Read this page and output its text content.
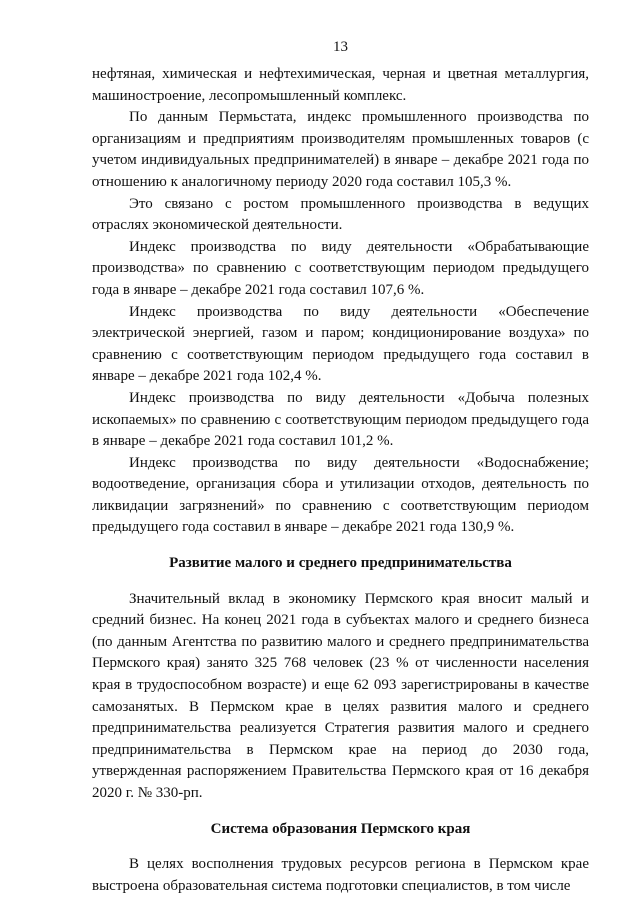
13

нефтяная, химическая и нефтехимическая, черная и цветная металлургия, машиностроение, лесопромышленный комплекс.

По данным Пермьстата, индекс промышленного производства по организациям и предприятиям производителям промышленных товаров (с учетом индивидуальных предпринимателей) в январе – декабре 2021 года по отношению к аналогичному периоду 2020 года составил 105,3 %.

Это связано с ростом промышленного производства в ведущих отраслях экономической деятельности.

Индекс производства по виду деятельности «Обрабатывающие производства» по сравнению с соответствующим периодом предыдущего года в январе – декабре 2021 года составил 107,6 %.

Индекс производства по виду деятельности «Обеспечение электрической энергией, газом и паром; кондиционирование воздуха» по сравнению с соответствующим периодом предыдущего года составил в январе – декабре 2021 года 102,4 %.

Индекс производства по виду деятельности «Добыча полезных ископаемых» по сравнению с соответствующим периодом предыдущего года в январе – декабре 2021 года составил 101,2 %.

Индекс производства по виду деятельности «Водоснабжение; водоотведение, организация сбора и утилизации отходов, деятельность по ликвидации загрязнений» по сравнению с соответствующим периодом предыдущего года составил в январе – декабре 2021 года 130,9 %.

Развитие малого и среднего предпринимательства

Значительный вклад в экономику Пермского края вносит малый и средний бизнес. На конец 2021 года в субъектах малого и среднего бизнеса (по данным Агентства по развитию малого и среднего предпринимательства Пермского края) занято 325 768 человек (23 % от численности населения края в трудоспособном возрасте) и еще 62 093 зарегистрированы в качестве самозанятых. В Пермском крае в целях развития малого и среднего предпринимательства реализуется Стратегия развития малого и среднего предпринимательства в Пермском крае на период до 2030 года, утвержденная распоряжением Правительства Пермского края от 16 декабря 2020 г. № 330-рп.

Система образования Пермского края

В целях восполнения трудовых ресурсов региона в Пермском крае выстроена образовательная система подготовки специалистов, в том числе
